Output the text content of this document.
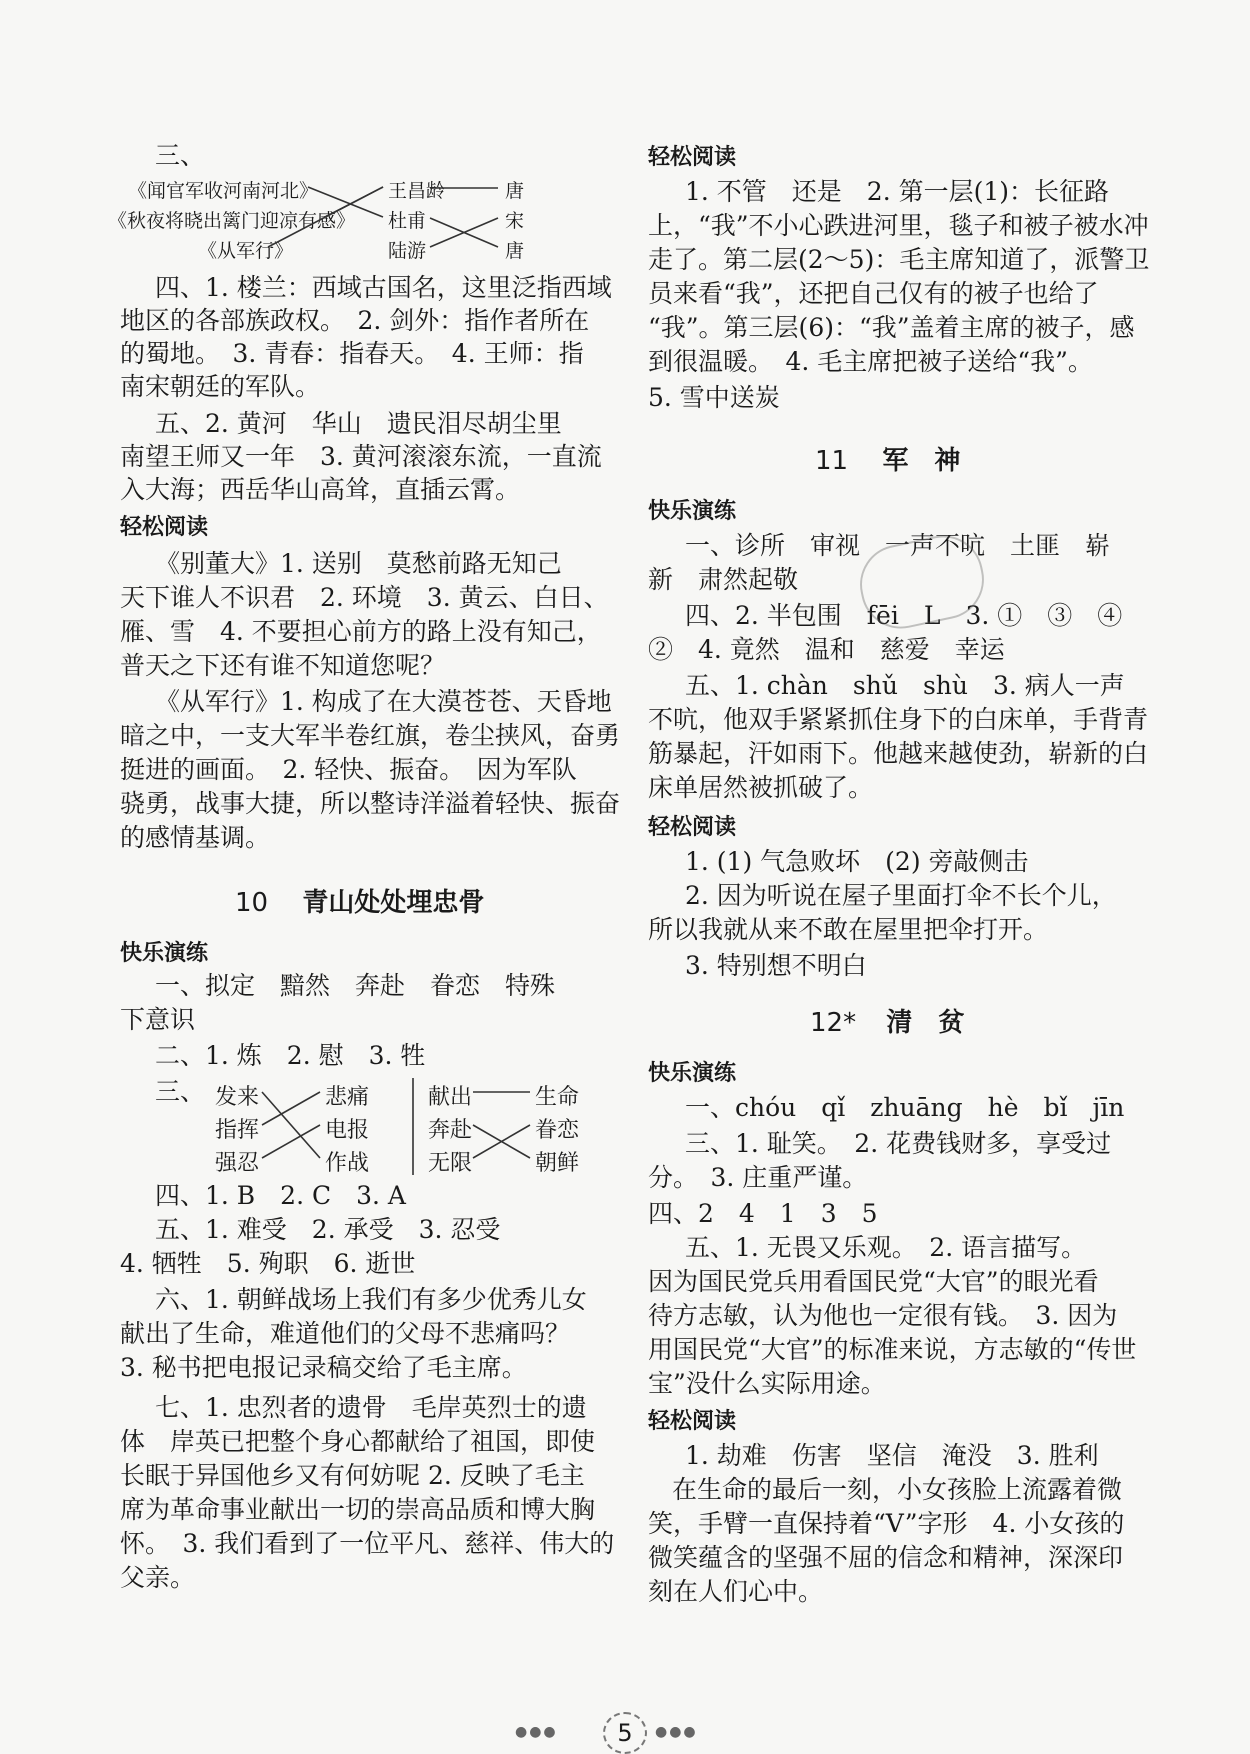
三、
《闻官军收河南河北》
《秋夜将晓出篱门迎凉有感》
《从军行》
王昌龄
杜甫
陆游
唐
宋
唐
四、1. 楼兰：西域古国名，这里泛指西域
地区的各部族政权。　2. 剑外：指作者所在
的蜀地。　3. 青春：指春天。　4. 王师：指
南宋朝廷的军队。
五、2. 黄河　华山　遗民泪尽胡尘里
南望王师又一年　3. 黄河滚滚东流，一直流
入大海；西岳华山高耸，直插云霄。
轻松阅读
《别董大》1. 送别　莫愁前路无知己
天下谁人不识君　2. 环境　3. 黄云、白日、
雁、雪　4. 不要担心前方的路上没有知己，
普天之下还有谁不知道您呢？
《从军行》1. 构成了在大漠苍苍、天昏地
暗之中，一支大军半卷红旗，卷尘挟风，奋勇
挺进的画面。　2. 轻快、振奋。　因为军队
骁勇，战事大捷，所以整诗洋溢着轻快、振奋
的感情基调。
10 青山处处埋忠骨
快乐演练
一、拟定　黯然　奔赴　眷恋　特殊
下意识
二、1. 炼　2. 慰　3. 牲
三、 发来
指挥
强忍
悲痛
电报
作战
献出
奔赴
无限
生命
眷恋
朝鲜
四、1. B　2. C　3. A
五、1. 难受　2. 承受　3. 忍受
4. 牺牲　5. 殉职　6. 逝世
六、1. 朝鲜战场上我们有多少优秀儿女
献出了生命，难道他们的父母不悲痛吗？
3. 秘书把电报记录稿交给了毛主席。
七、1. 忠烈者的遗骨　毛岸英烈士的遗
体　岸英已把整个身心都献给了祖国，即使
长眠于异国他乡又有何妨呢 2. 反映了毛主
席为革命事业献出一切的崇高品质和博大胸
怀。　3. 我们看到了一位平凡、慈祥、伟大的
父亲。
轻松阅读
1. 不管　还是　2. 第一层(1)：长征路
上，“我”不小心跌进河里，毯子和被子被水冲
走了。第二层(2～5)：毛主席知道了，派警卫
员来看“我”，还把自己仅有的被子也给了
“我”。第三层(6)：“我”盖着主席的被子，感
到很温暖。　4. 毛主席把被子送给“我”。
5. 雪中送炭
11 军　神
快乐演练
一、诊所　审视　一声不吭　土匪　崭
新　肃然起敬
四、2. 半包围　fēi　L　3. ①　③　④
②　4. 竟然　温和　慈爱　幸运
五、1. chàn　shǔ　shù　3. 病人一声
不吭，他双手紧紧抓住身下的白床单，手背青
筋暴起，汗如雨下。他越来越使劲，崭新的白
床单居然被抓破了。
轻松阅读
1. (1) 气急败坏　(2) 旁敲侧击
2. 因为听说在屋子里面打伞不长个儿，
所以我就从来不敢在屋里把伞打开。
3. 特别想不明白
12* 清　贫
快乐演练
一、chóu　qǐ　zhuāng　hè　bǐ　jīn
三、1. 耻笑。　2. 花费钱财多，享受过
分。　3. 庄重严谨。
四、2　4　1　3　5
五、1. 无畏又乐观。　2. 语言描写。
因为国民党兵用看国民党“大官”的眼光看
待方志敏，认为他也一定很有钱。　3. 因为
用国民党“大官”的标准来说，方志敏的“传世
宝”没什么实际用途。
轻松阅读
1. 劫难　伤害　坚信　淹没　3. 胜利
在生命的最后一刻，小女孩脸上流露着微
笑，手臂一直保持着“V”字形　4. 小女孩的
微笑蕴含的坚强不屈的信念和精神，深深印
刻在人们心中。
●●●	5	●●●
